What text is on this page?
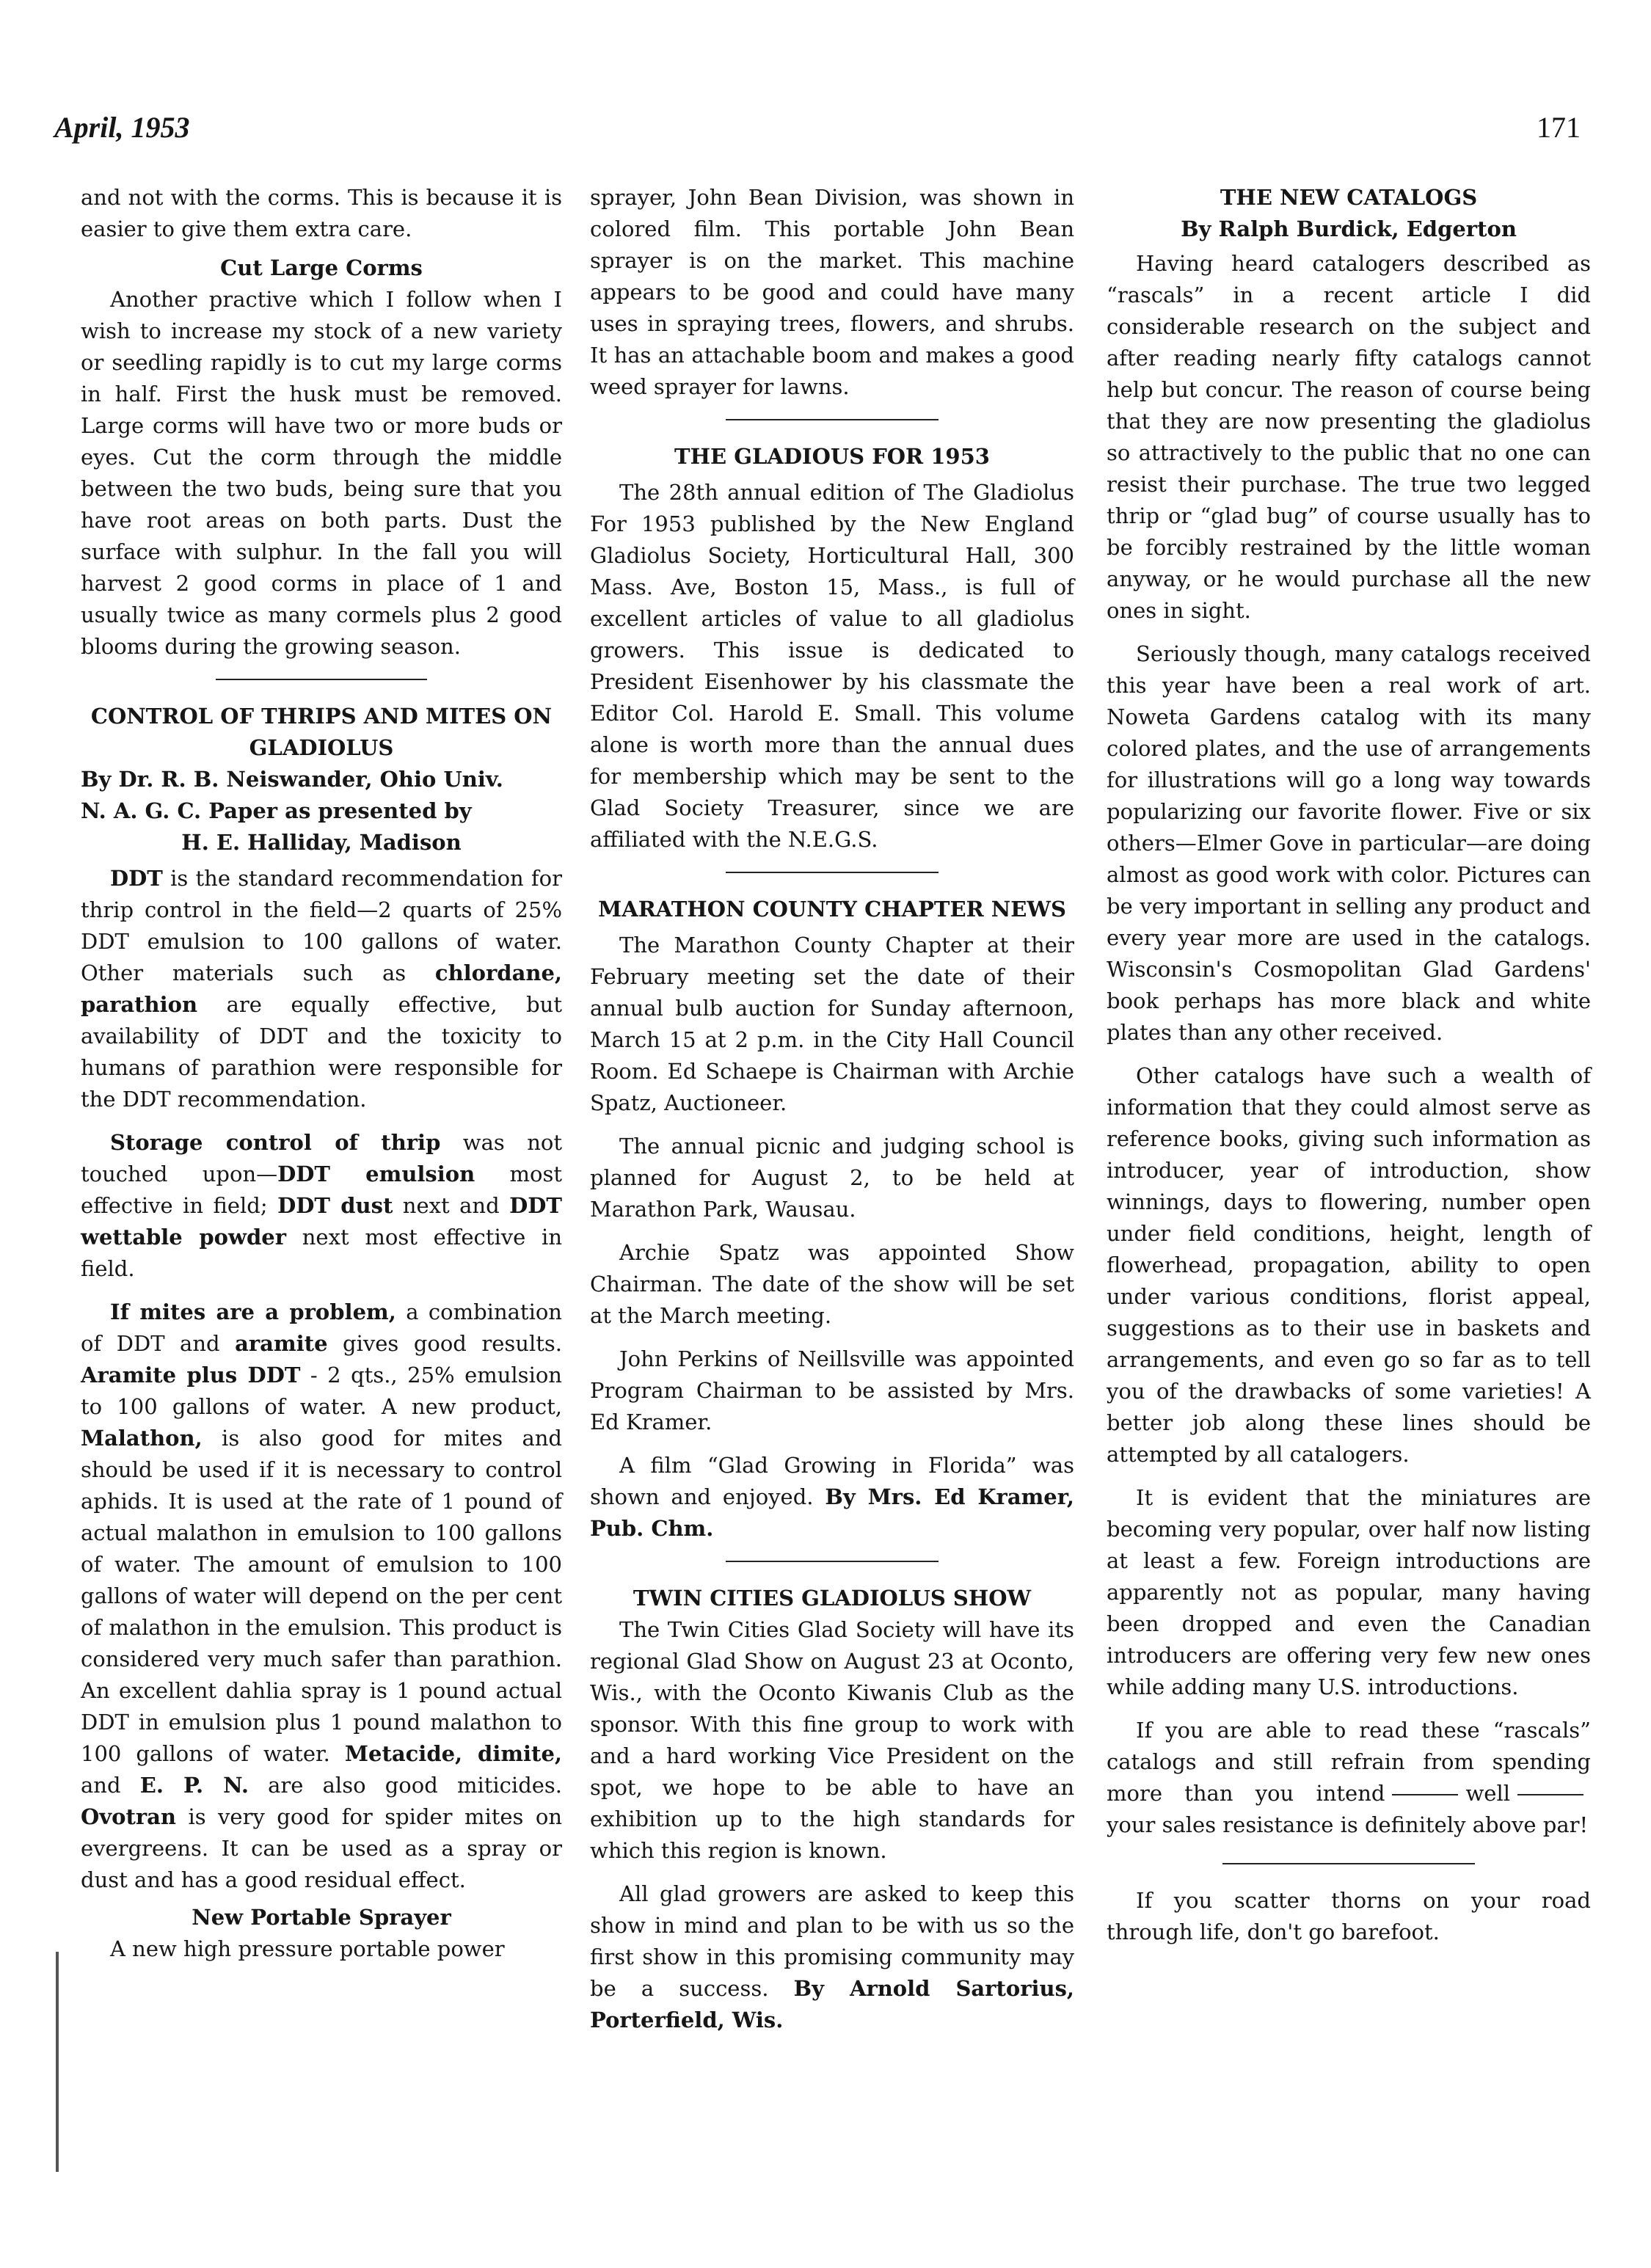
April, 1953	171

and not with the corms. This is because it is easier to give them extra care.

Cut Large Corms

Another practive which I follow when I wish to increase my stock of a new variety or seedling rapidly is to cut my large corms in half. First the husk must be removed. Large corms will have two or more buds or eyes. Cut the corm through the middle between the two buds, being sure that you have root areas on both parts. Dust the surface with sulphur. In the fall you will harvest 2 good corms in place of 1 and usually twice as many cormels plus 2 good blooms during the growing season.

CONTROL OF THRIPS AND MITES ON GLADIOLUS
By Dr. R. B. Neiswander, Ohio Univ.
N. A. G. C. Paper as presented by
H. E. Halliday, Madison

DDT is the standard recommendation for thrip control in the field—2 quarts of 25% DDT emulsion to 100 gallons of water. Other materials such as chlordane, parathion are equally effective, but availability of DDT and the toxicity to humans of parathion were responsible for the DDT recommendation.

Storage control of thrip was not touched upon—DDT emulsion most effective in field; DDT dust next and DDT wettable powder next most effective in field.

If mites are a problem, a combination of DDT and aramite gives good results. Aramite plus DDT - 2 qts., 25% emulsion to 100 gallons of water. A new product, Malathon, is also good for mites and should be used if it is necessary to control aphids. It is used at the rate of 1 pound of actual malathon in emulsion to 100 gallons of water. The amount of emulsion to 100 gallons of water will depend on the per cent of malathon in the emulsion. This product is considered very much safer than parathion. An excellent dahlia spray is 1 pound actual DDT in emulsion plus 1 pound malathon to 100 gallons of water. Metacide, dimite, and E. P. N. are also good miticides. Ovotran is very good for spider mites on evergreens. It can be used as a spray or dust and has a good residual effect.

New Portable Sprayer

A new high pressure portable power

sprayer, John Bean Division, was shown in colored film. This portable John Bean sprayer is on the market. This machine appears to be good and could have many uses in spraying trees, flowers, and shrubs. It has an attachable boom and makes a good weed sprayer for lawns.

THE GLADIOUS FOR 1953

The 28th annual edition of The Gladiolus For 1953 published by the New England Gladiolus Society, Horticultural Hall, 300 Mass. Ave, Boston 15, Mass., is full of excellent articles of value to all gladiolus growers. This issue is dedicated to President Eisenhower by his classmate the Editor Col. Harold E. Small. This volume alone is worth more than the annual dues for membership which may be sent to the Glad Society Treasurer, since we are affiliated with the N.E.G.S.

MARATHON COUNTY CHAPTER NEWS

The Marathon County Chapter at their February meeting set the date of their annual bulb auction for Sunday afternoon, March 15 at 2 p.m. in the City Hall Council Room. Ed Schaepe is Chairman with Archie Spatz, Auctioneer.

The annual picnic and judging school is planned for August 2, to be held at Marathon Park, Wausau.

Archie Spatz was appointed Show Chairman. The date of the show will be set at the March meeting.

John Perkins of Neillsville was appointed Program Chairman to be assisted by Mrs. Ed Kramer.

A film “Glad Growing in Florida” was shown and enjoyed. By Mrs. Ed Kramer, Pub. Chm.

TWIN CITIES GLADIOLUS SHOW

The Twin Cities Glad Society will have its regional Glad Show on August 23 at Oconto, Wis., with the Oconto Kiwanis Club as the sponsor. With this fine group to work with and a hard working Vice President on the spot, we hope to be able to have an exhibition up to the high standards for which this region is known.

All glad growers are asked to keep this show in mind and plan to be with us so the first show in this promising community may be a success. By Arnold Sartorius, Porterfield, Wis.

THE NEW CATALOGS
By Ralph Burdick, Edgerton

Having heard catalogers described as “rascals” in a recent article I did considerable research on the subject and after reading nearly fifty catalogs cannot help but concur. The reason of course being that they are now presenting the gladiolus so attractively to the public that no one can resist their purchase. The true two legged thrip or “glad bug” of course usually has to be forcibly restrained by the little woman anyway, or he would purchase all the new ones in sight.

Seriously though, many catalogs received this year have been a real work of art. Noweta Gardens catalog with its many colored plates, and the use of arrangements for illustrations will go a long way towards popularizing our favorite flower. Five or six others—Elmer Gove in particular—are doing almost as good work with color. Pictures can be very important in selling any product and every year more are used in the catalogs. Wisconsin's Cosmopolitan Glad Gardens' book perhaps has more black and white plates than any other received.

Other catalogs have such a wealth of information that they could almost serve as reference books, giving such information as introducer, year of introduction, show winnings, days to flowering, number open under field conditions, height, length of flowerhead, propagation, ability to open under various conditions, florist appeal, suggestions as to their use in baskets and arrangements, and even go so far as to tell you of the drawbacks of some varieties! A better job along these lines should be attempted by all catalogers.

It is evident that the miniatures are becoming very popular, over half now listing at least a few. Foreign introductions are apparently not as popular, many having been dropped and even the Canadian introducers are offering very few new ones while adding many U.S. introductions.

If you are able to read these “rascals” catalogs and still refrain from spending more than you intend	wellyour sales resistance is definitely above par!

If you scatter thorns on your road through life, don't go barefoot.
